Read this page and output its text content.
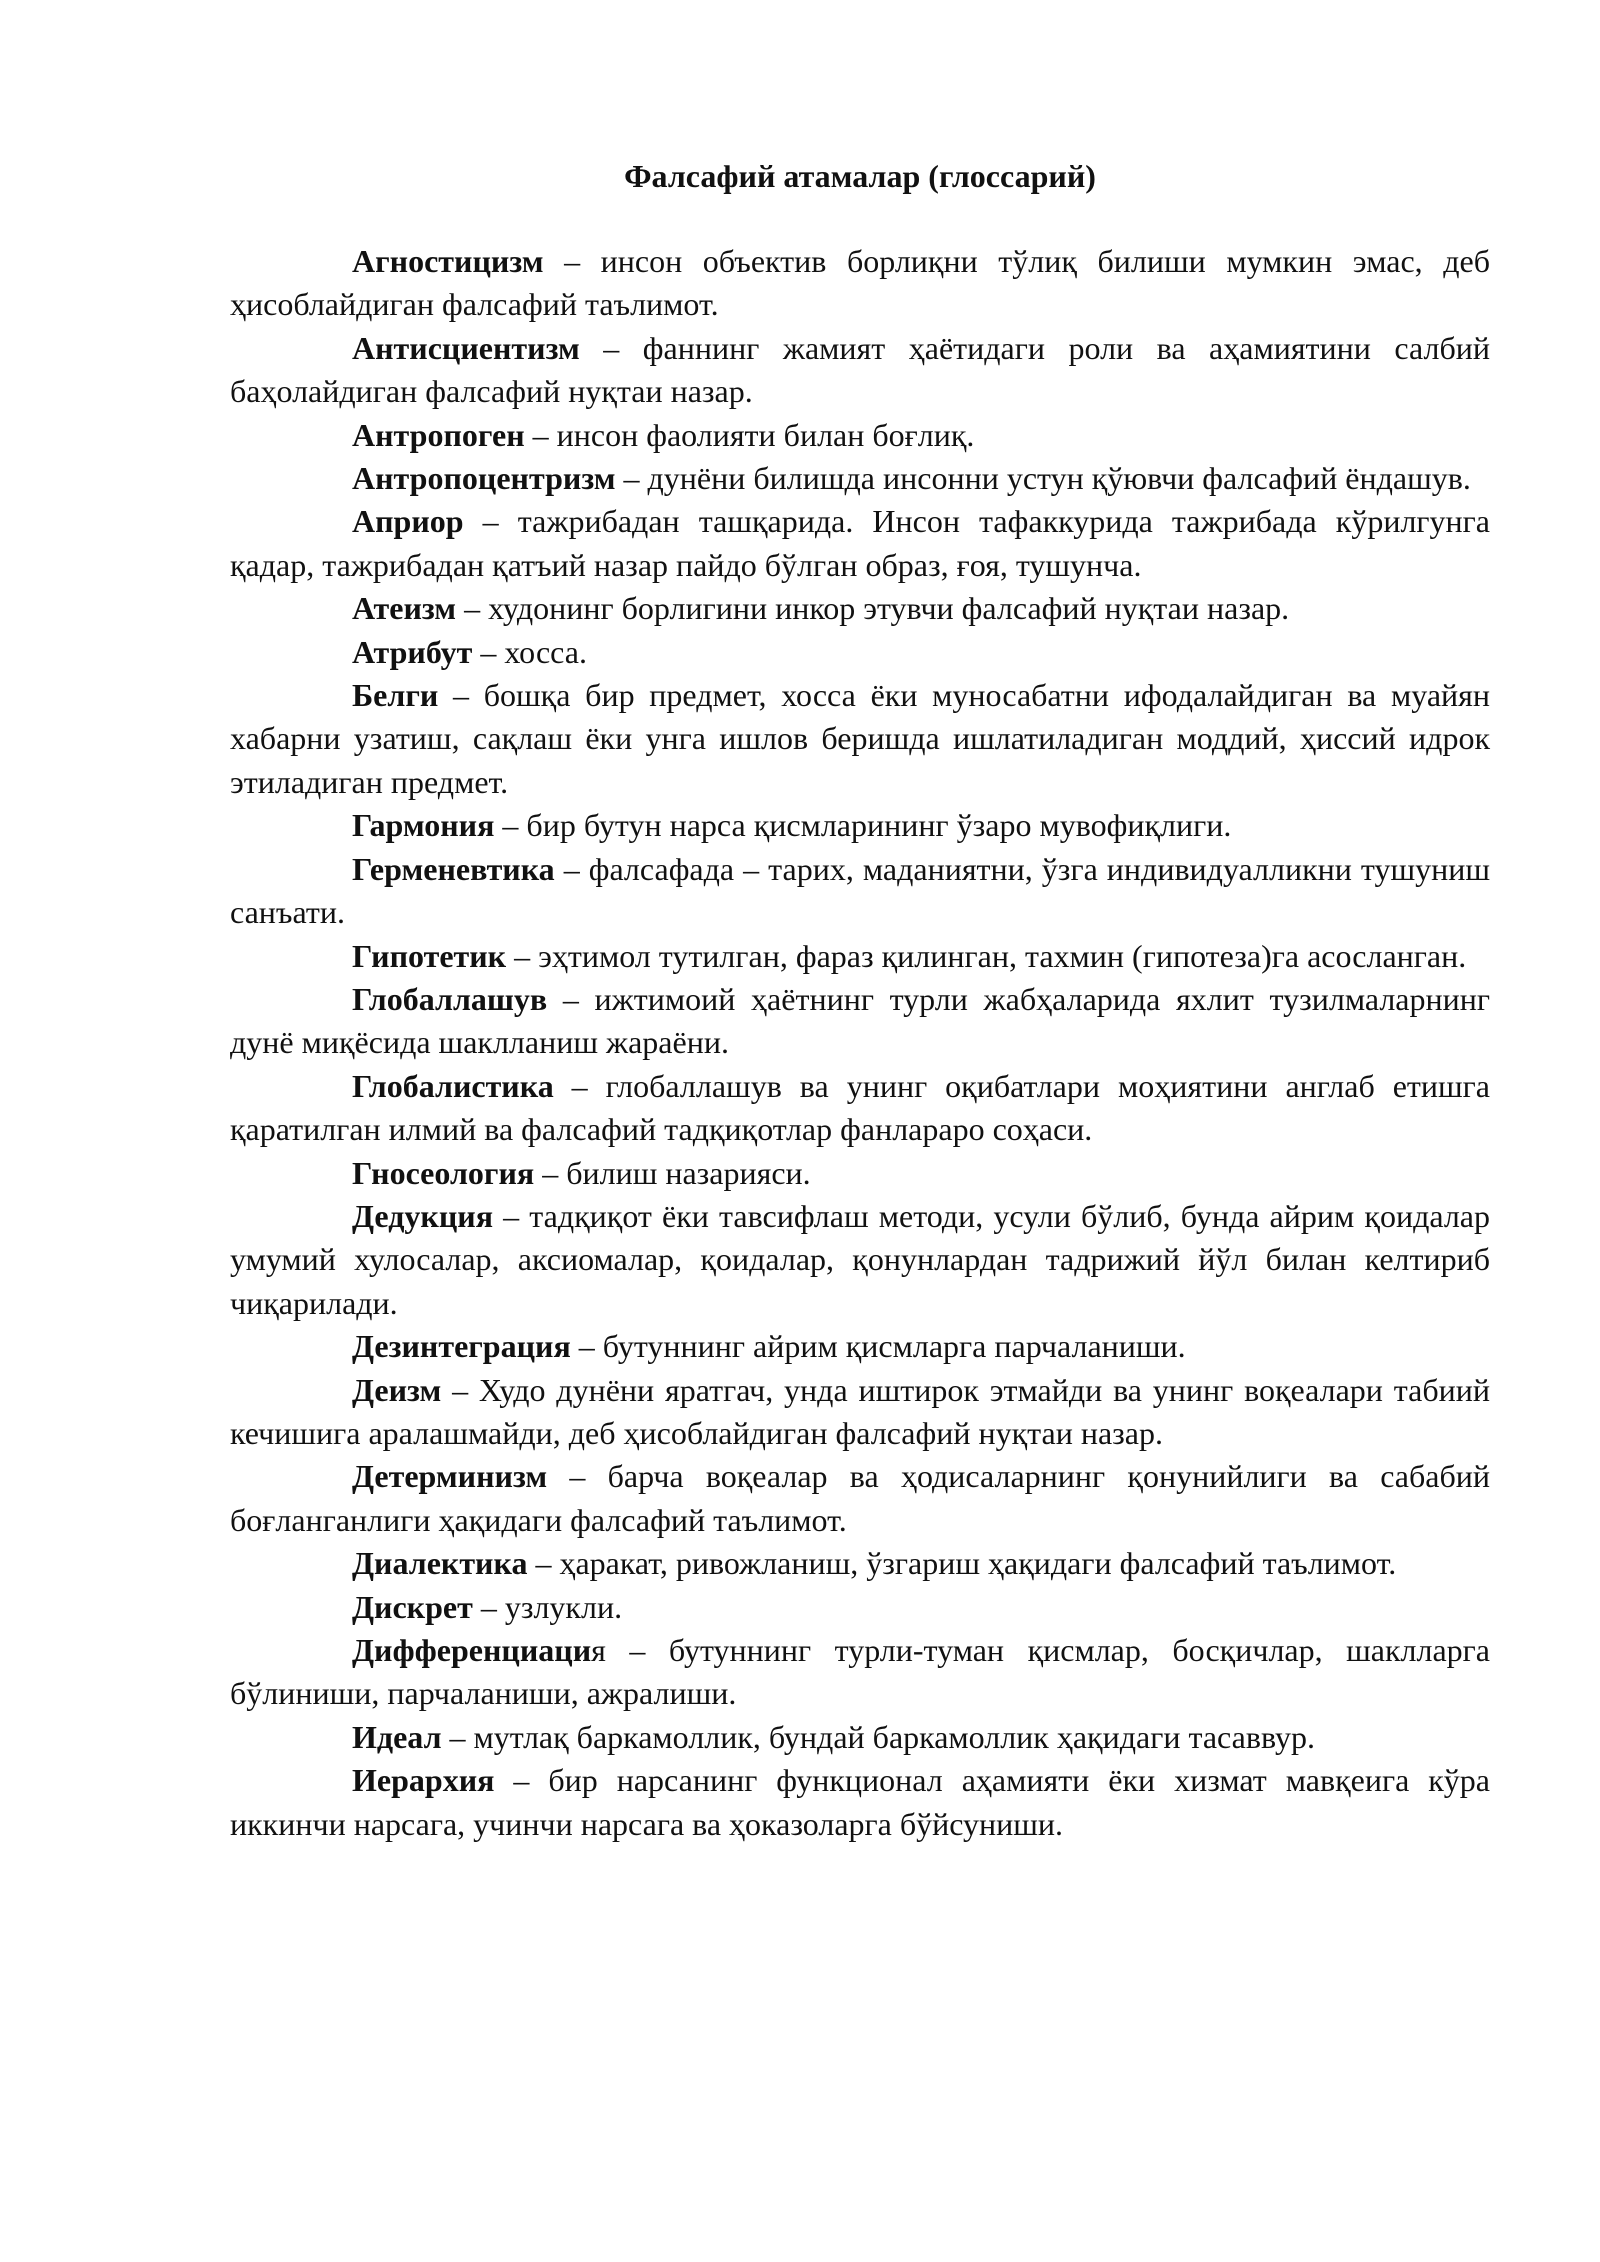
Фалсафий атамалар (глоссарий)

Агностицизм – инсон объектив борлиқни тўлиқ билиши мумкин эмас, деб ҳисоблайдиган фалсафий таълимот.

Антисциентизм – фаннинг жамият ҳаётидаги роли ва аҳамиятини салбий баҳолайдиган фалсафий нуқтаи назар.

Антропоген – инсон фаолияти билан боғлиқ.

Антропоцентризм – дунёни билишда инсонни устун қўювчи фалсафий ёндашув.

Априор – тажрибадан ташқарида. Инсон тафаккурида тажрибада кўрилгунга қадар, тажрибадан қатъий назар пайдо бўлган образ, ғоя, тушунча.

Атеизм – худонинг борлигини инкор этувчи фалсафий нуқтаи назар.

Атрибут – хосса.

Белги – бошқа бир предмет, хосса ёки муносабатни ифодалайдиган ва муайян хабарни узатиш, сақлаш ёки унга ишлов беришда ишлатиладиган моддий, ҳиссий идрок этиладиган предмет.

Гармония – бир бутун нарса қисмларининг ўзаро мувофиқлиги.

Герменевтика – фалсафада – тарих, маданиятни, ўзга индивидуалликни тушуниш санъати.

Гипотетик – эҳтимол тутилган, фараз қилинган, тахмин (гипотеза)га асосланган.

Глобаллашув – ижтимоий ҳаётнинг турли жабҳаларида яхлит тузилмаларнинг дунё миқёсида шаклланиш жараёни.

Глобалистика – глобаллашув ва унинг оқибатлари моҳиятини англаб етишга қаратилган илмий ва фалсафий тадқиқотлар фанлараро соҳаси.

Гносеология – билиш назарияси.

Дедукция – тадқиқот ёки тавсифлаш методи, усули бўлиб, бунда айрим қоидалар умумий хулосалар, аксиомалар, қоидалар, қонунлардан тадрижий йўл билан келтириб чиқарилади.

Дезинтеграция – бутуннинг айрим қисмларга парчаланиши.

Деизм – Худо дунёни яратгач, унда иштирок этмайди ва унинг воқеалари табиий кечишига аралашмайди, деб ҳисоблайдиган фалсафий нуқтаи назар.

Детерминизм – барча воқеалар ва ҳодисаларнинг қонунийлиги ва сабабий боғланганлиги ҳақидаги фалсафий таълимот.

Диалектика – ҳаракат, ривожланиш, ўзгариш ҳақидаги фалсафий таълимот.

Дискрет – узлукли.

Дифференциация – бутуннинг турли-туман қисмлар, босқичлар, шаклларга бўлиниши, парчаланиши, ажралиши.

Идеал – мутлақ баркамоллик, бундай баркамоллик ҳақидаги тасаввур.

Иерархия – бир нарсанинг функционал аҳамияти ёки хизмат мавқеига кўра иккинчи нарсага, учинчи нарсага ва ҳоказоларга бўйсуниши.
